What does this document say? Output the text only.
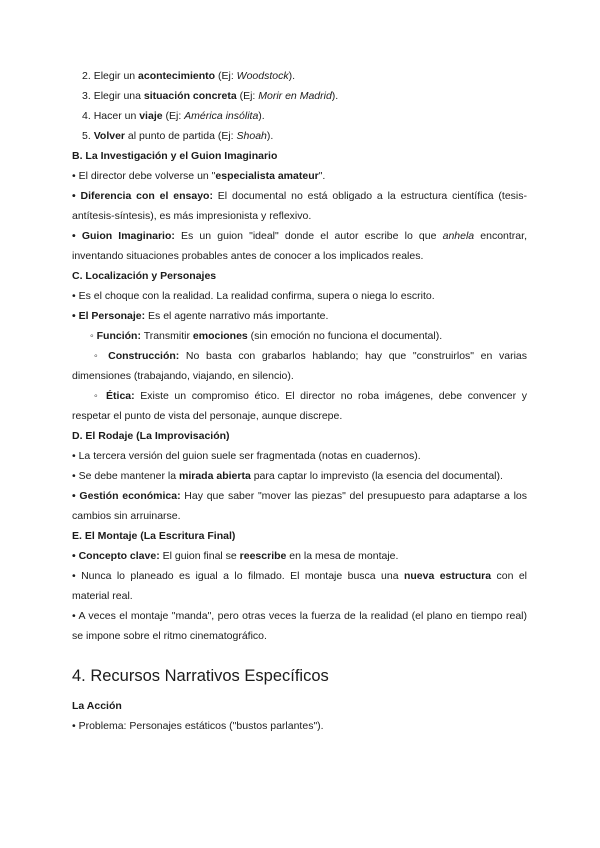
2. Elegir un acontecimiento (Ej: Woodstock).

3. Elegir una situación concreta (Ej: Morir en Madrid).

4. Hacer un viaje (Ej: América insólita).

5. Volver al punto de partida (Ej: Shoah).

B. La Investigación y el Guion Imaginario

• El director debe volverse un "especialista amateur".

• Diferencia con el ensayo: El documental no está obligado a la estructura científica (tesis-antítesis-síntesis), es más impresionista y reflexivo.

• Guion Imaginario: Es un guion "ideal" donde el autor escribe lo que anhela encontrar, inventando situaciones probables antes de conocer a los implicados reales.

C. Localización y Personajes

• Es el choque con la realidad. La realidad confirma, supera o niega lo escrito.

• El Personaje: Es el agente narrativo más importante.

◦ Función: Transmitir emociones (sin emoción no funciona el documental).

◦ Construcción: No basta con grabarlos hablando; hay que "construirlos" en varias dimensiones (trabajando, viajando, en silencio).

◦ Ética: Existe un compromiso ético. El director no roba imágenes, debe convencer y respetar el punto de vista del personaje, aunque discrepe.

D. El Rodaje (La Improvisación)

• La tercera versión del guion suele ser fragmentada (notas en cuadernos).

• Se debe mantener la mirada abierta para captar lo imprevisto (la esencia del documental).

• Gestión económica: Hay que saber "mover las piezas" del presupuesto para adaptarse a los cambios sin arruinarse.

E. El Montaje (La Escritura Final)

• Concepto clave: El guion final se reescribe en la mesa de montaje.

• Nunca lo planeado es igual a lo filmado. El montaje busca una nueva estructura con el material real.

• A veces el montaje "manda", pero otras veces la fuerza de la realidad (el plano en tiempo real) se impone sobre el ritmo cinematográfico.

4. Recursos Narrativos Específicos

La Acción

• Problema: Personajes estáticos ("bustos parlantes").
